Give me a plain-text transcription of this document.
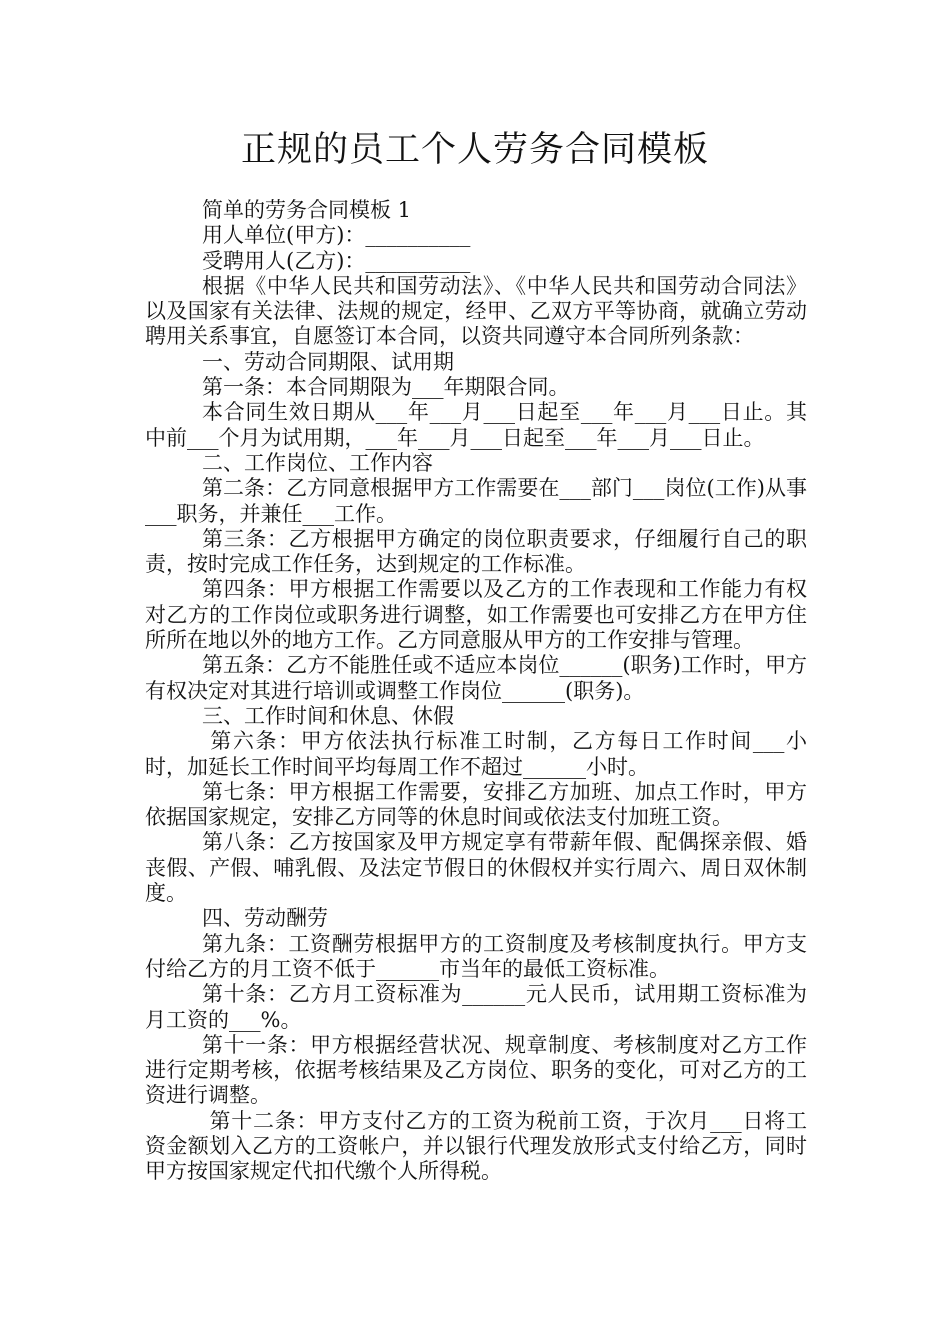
正规的员工个人劳务合同模板

简单的劳务合同模板 1

用人单位(甲方)：__________

受聘用人(乙方)：__________

根据《中华人民共和国劳动法》、《中华人民共和国劳动合同法》以及国家有关法律、法规的规定，经甲、乙双方平等协商，就确立劳动聘用关系事宜，自愿签订本合同，以资共同遵守本合同所列条款：

一、劳动合同期限、试用期

第一条：本合同期限为___年期限合同。

本合同生效日期从___年___月___日起至___年___月___日止。其中前___个月为试用期，___年___月___日起至___年___月___日止。

二、工作岗位、工作内容

第二条：乙方同意根据甲方工作需要在___部门___岗位(工作)从事___职务，并兼任___工作。

第三条：乙方根据甲方确定的岗位职责要求，仔细履行自己的职责，按时完成工作任务，达到规定的工作标准。

第四条：甲方根据工作需要以及乙方的工作表现和工作能力有权对乙方的工作岗位或职务进行调整，如工作需要也可安排乙方在甲方住所所在地以外的地方工作。乙方同意服从甲方的工作安排与管理。

第五条：乙方不能胜任或不适应本岗位______(职务)工作时，甲方有权决定对其进行培训或调整工作岗位______(职务)。

三、工作时间和休息、休假

第六条：甲方依法执行标准工时制，乙方每日工作时间___小时，加延长工作时间平均每周工作不超过______小时。

第七条：甲方根据工作需要，安排乙方加班、加点工作时，甲方依据国家规定，安排乙方同等的休息时间或依法支付加班工资。

第八条：乙方按国家及甲方规定享有带薪年假、配偶探亲假、婚丧假、产假、哺乳假、及法定节假日的休假权并实行周六、周日双休制度。

四、劳动酬劳

第九条：工资酬劳根据甲方的工资制度及考核制度执行。甲方支付给乙方的月工资不低于______市当年的最低工资标准。

第十条：乙方月工资标准为______元人民币，试用期工资标准为月工资的___%。

第十一条：甲方根据经营状况、规章制度、考核制度对乙方工作进行定期考核，依据考核结果及乙方岗位、职务的变化，可对乙方的工资进行调整。

第十二条：甲方支付乙方的工资为税前工资，于次月___日将工资金额划入乙方的工资帐户，并以银行代理发放形式支付给乙方，同时甲方按国家规定代扣代缴个人所得税。
